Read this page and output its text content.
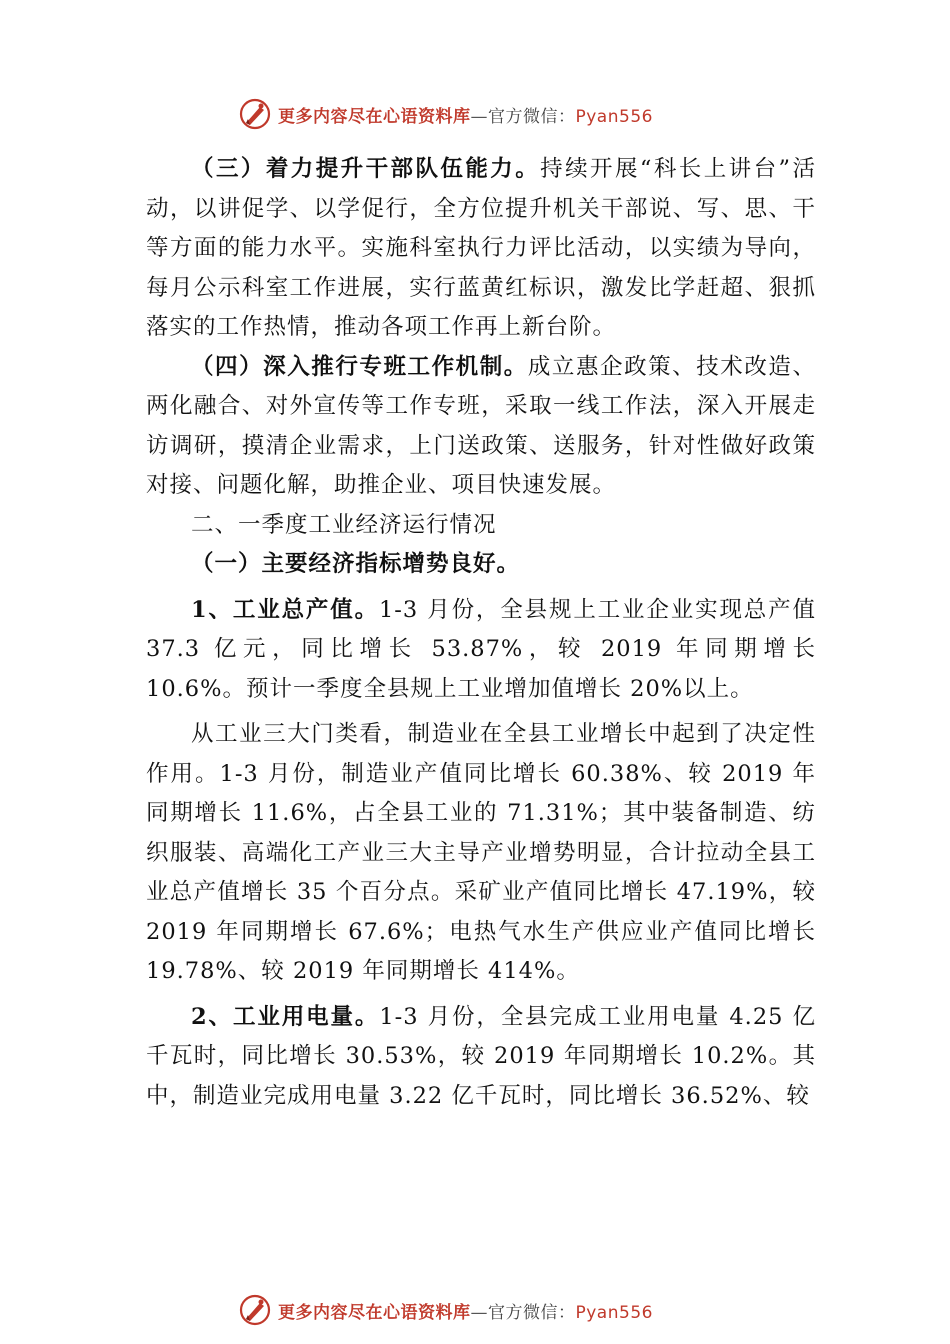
更多内容尽在心语资料库—官方微信：Pyan556

（三）着力提升干部队伍能力。持续开展“科长上讲台”活动，以讲促学、以学促行，全方位提升机关干部说、写、思、干等方面的能力水平。实施科室执行力评比活动，以实绩为导向，每月公示科室工作进展，实行蓝黄红标识，激发比学赶超、狠抓落实的工作热情，推动各项工作再上新台阶。

（四）深入推行专班工作机制。成立惠企政策、技术改造、两化融合、对外宣传等工作专班，采取一线工作法，深入开展走访调研，摸清企业需求，上门送政策、送服务，针对性做好政策对接、问题化解，助推企业、项目快速发展。

二、一季度工业经济运行情况

（一）主要经济指标增势良好。

1、工业总产值。1-3 月份，全县规上工业企业实现总产值 37.3 亿元，同比增长 53.87%，较 2019 年同期增长 10.6%。预计一季度全县规上工业增加值增长 20%以上。

从工业三大门类看，制造业在全县工业增长中起到了决定性作用。1-3 月份，制造业产值同比增长 60.38%、较 2019 年同期增长 11.6%，占全县工业的 71.31%；其中装备制造、纺织服装、高端化工产业三大主导产业增势明显，合计拉动全县工业总产值增长 35 个百分点。采矿业产值同比增长 47.19%，较 2019 年同期增长 67.6%；电热气水生产供应业产值同比增长 19.78%、较 2019 年同期增长 414%。

2、工业用电量。1-3 月份，全县完成工业用电量 4.25 亿千瓦时，同比增长 30.53%，较 2019 年同期增长 10.2%。其中，制造业完成用电量 3.22 亿千瓦时，同比增长 36.52%、较

更多内容尽在心语资料库—官方微信：Pyan556
